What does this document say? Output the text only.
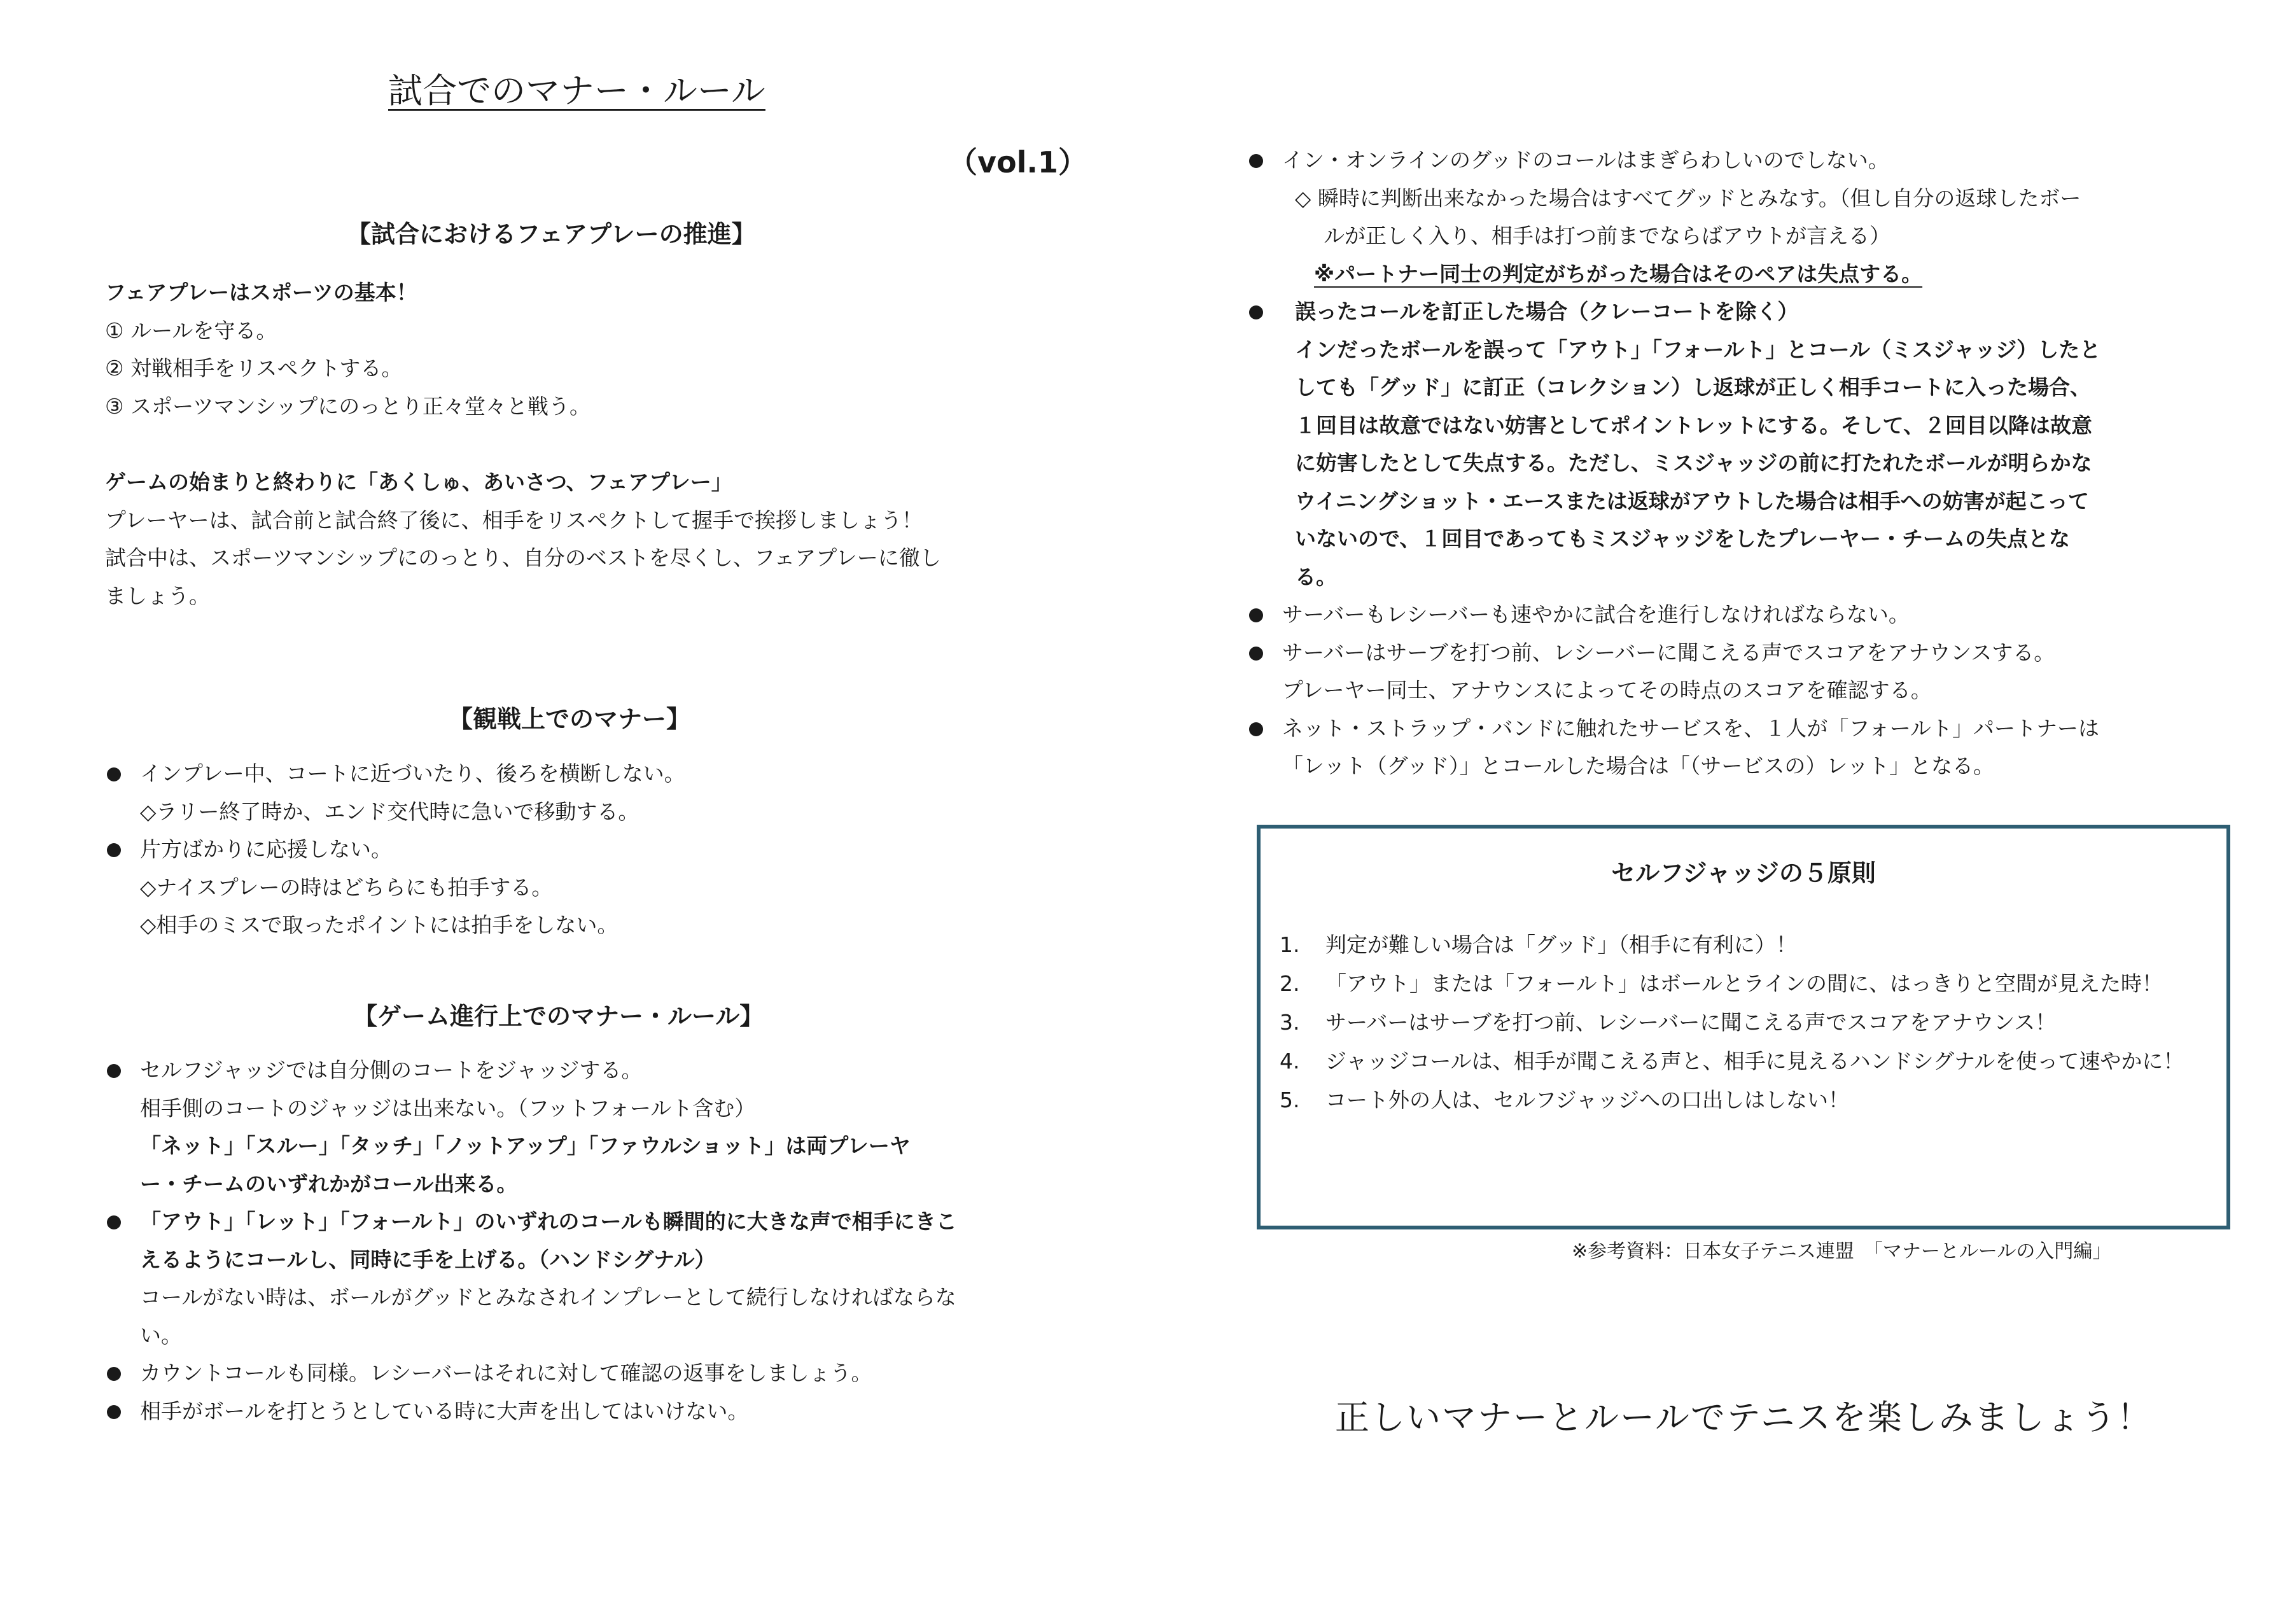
試合でのマナー・ルール
（vol.1）
【試合におけるフェアプレーの推進】
フェアプレーはスポーツの基本！
① ルールを守る。
② 対戦相手をリスペクトする。
③ スポーツマンシップにのっとり正々堂々と戦う。
ゲームの始まりと終わりに「あくしゅ、あいさつ、フェアプレー」
プレーヤーは、試合前と試合終了後に、相手をリスペクトして握手で挨拶しましょう！
試合中は、スポーツマンシップにのっとり、自分のベストを尽くし、フェアプレーに徹し
ましょう。
【観戦上でのマナー】
インプレー中、コートに近づいたり、後ろを横断しない。
◇ラリー終了時か、エンド交代時に急いで移動する。
片方ばかりに応援しない。
◇ナイスプレーの時はどちらにも拍手する。
◇相手のミスで取ったポイントには拍手をしない。
【ゲーム進行上でのマナー・ルール】
セルフジャッジでは自分側のコートをジャッジする。
相手側のコートのジャッジは出来ない。（フットフォールト含む）
「ネット」「スルー」「タッチ」「ノットアップ」「ファウルショット」は両プレーヤ
ー・チームのいずれかがコール出来る。
「アウト」「レット」「フォールト」のいずれのコールも瞬間的に大きな声で相手にきこ
えるようにコールし、同時に手を上げる。（ハンドシグナル）
コールがない時は、ボールがグッドとみなされインプレーとして続行しなければならな
い。
カウントコールも同様。レシーバーはそれに対して確認の返事をしましょう。
相手がボールを打とうとしている時に大声を出してはいけない。
イン・オンラインのグッドのコールはまぎらわしいのでしない。
◇ 瞬時に判断出来なかった場合はすべてグッドとみなす。（但し自分の返球したボー
ルが正しく入り、相手は打つ前までならばアウトが言える）
※パートナー同士の判定がちがった場合はそのペアは失点する。
誤ったコールを訂正した場合（クレーコートを除く）
インだったボールを誤って「アウト」「フォールト」とコール（ミスジャッジ）したと
しても「グッド」に訂正（コレクション）し返球が正しく相手コートに入った場合、
１回目は故意ではない妨害としてポイントレットにする。そして、２回目以降は故意
に妨害したとして失点する。ただし、ミスジャッジの前に打たれたボールが明らかな
ウイニングショット・エースまたは返球がアウトした場合は相手への妨害が起こって
いないので、１回目であってもミスジャッジをしたプレーヤー・チームの失点とな
る。
サーバーもレシーバーも速やかに試合を進行しなければならない。
サーバーはサーブを打つ前、レシーバーに聞こえる声でスコアをアナウンスする。
プレーヤー同士、アナウンスによってその時点のスコアを確認する。
ネット・ストラップ・バンドに触れたサービスを、１人が「フォールト」パートナーは
「レット（グッド）」とコールした場合は「（サービスの）レット」となる。
セルフジャッジの５原則
1. 判定が難しい場合は「グッド」（相手に有利に）！
2. 「アウト」または「フォールト」はボールとラインの間に、はっきりと空間が見えた時！
3. サーバーはサーブを打つ前、レシーバーに聞こえる声でスコアをアナウンス！
4. ジャッジコールは、相手が聞こえる声と、相手に見えるハンドシグナルを使って速やかに！
5. コート外の人は、セルフジャッジへの口出しはしない！
※参考資料：日本女子テニス連盟　「マナーとルールの入門編」
正しいマナーとルールでテニスを楽しみましょう！
